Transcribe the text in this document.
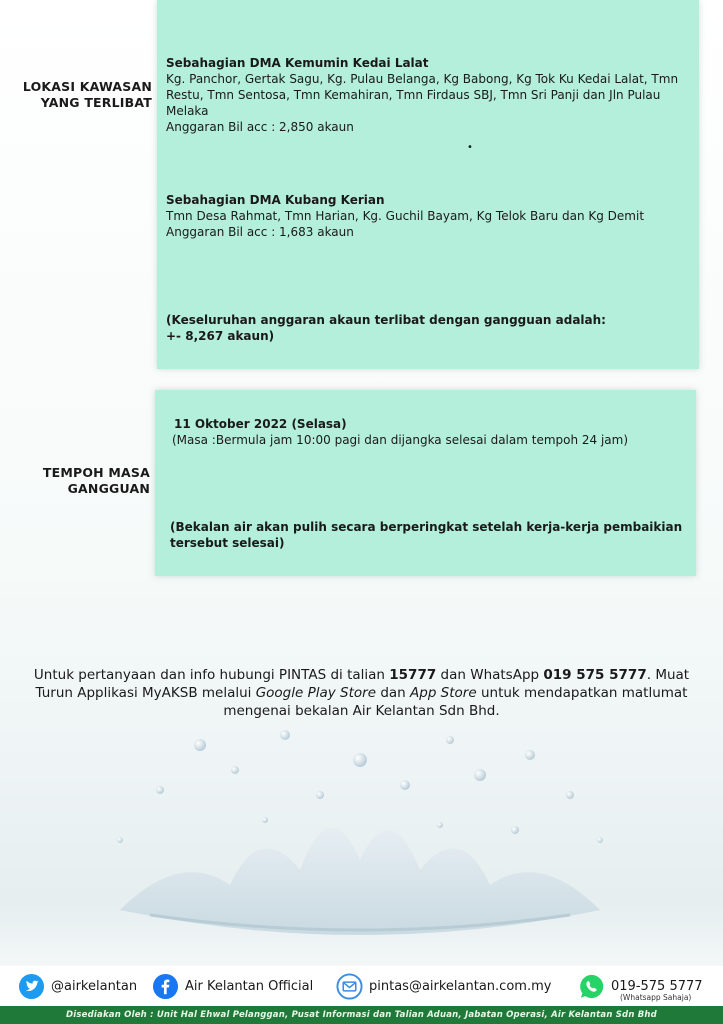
LOKASI KAWASAN
YANG TERLIBAT
Sebahagian DMA Kemumin Kedai Lalat
Kg. Panchor, Gertak Sagu, Kg. Pulau Belanga, Kg Babong, Kg Tok Ku Kedai Lalat, Tmn Restu, Tmn Sentosa, Tmn Kemahiran, Tmn Firdaus SBJ, Tmn Sri Panji dan Jln Pulau Melaka
Anggaran Bil acc : 2,850 akaun
•
Sebahagian DMA Kubang Kerian
Tmn Desa Rahmat, Tmn Harian, Kg. Guchil Bayam, Kg Telok Baru dan Kg Demit
Anggaran Bil acc : 1,683 akaun
(Keseluruhan anggaran akaun terlibat dengan gangguan adalah:
+- 8,267 akaun)
TEMPOH MASA
GANGGUAN
11 Oktober 2022 (Selasa)
(Masa :Bermula jam 10:00 pagi dan dijangka selesai dalam tempoh 24 jam)
(Bekalan air akan pulih secara berperingkat setelah kerja-kerja pembaikian tersebut selesai)
Untuk pertanyaan dan info hubungi PINTAS di talian 15777 dan WhatsApp 019 575 5777. Muat Turun Applikasi MyAKSB melalui Google Play Store dan App Store untuk mendapatkan matlumat mengenai bekalan Air Kelantan Sdn Bhd.
@airkelantan	Air Kelantan Official	pintas@airkelantan.com.my	019-575 5777
(Whatsapp Sahaja)
Disediakan Oleh : Unit Hal Ehwal Pelanggan, Pusat Informasi dan Talian Aduan, Jabatan Operasi, Air Kelantan Sdn Bhd
